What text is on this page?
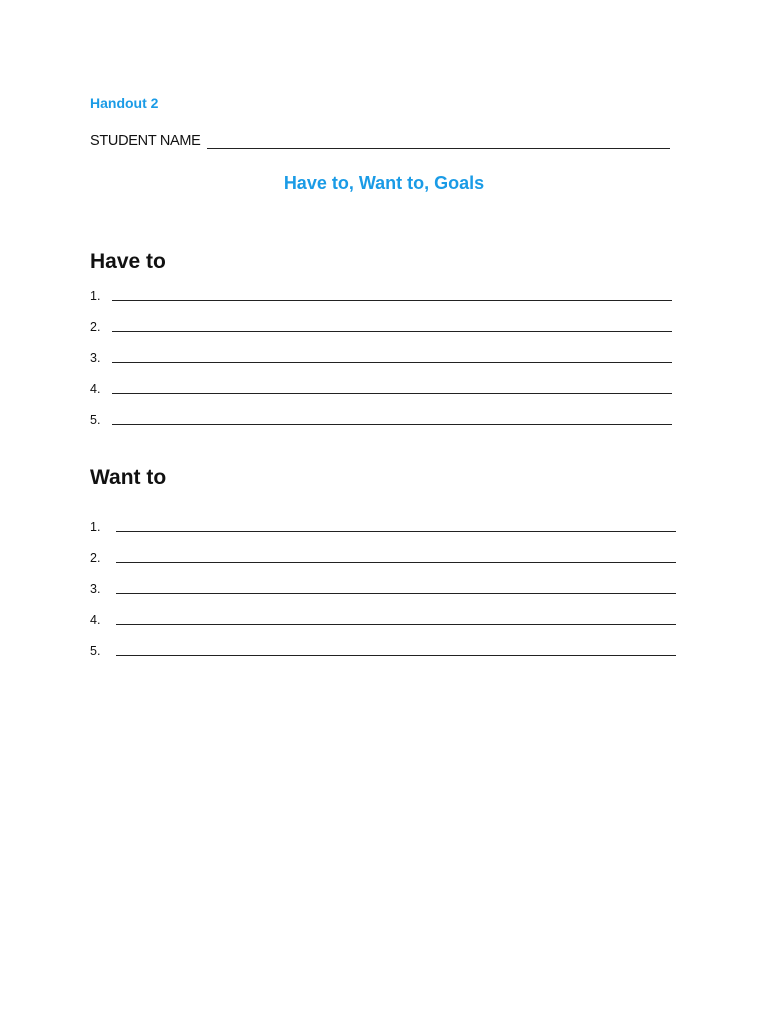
Handout 2
STUDENT NAME
Have to, Want to, Goals
Have to
1.
2.
3.
4.
5.
Want to
1.
2.
3.
4.
5.
